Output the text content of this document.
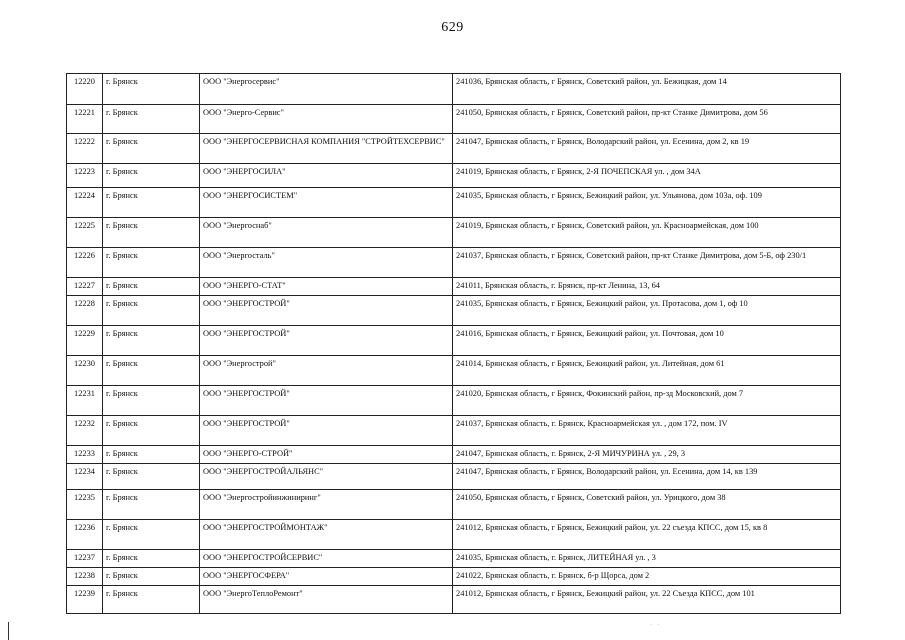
629
12220	г. Брянск	ООО "Энергосервис"	241036, Брянская область, г Брянск, Советский район, ул. Бежицкая, дом 14
12221	г. Брянск	ООО "Энерго-Сервис"	241050, Брянская область, г Брянск, Советский район, пр-кт Станке Димитрова, дом 56
12222	г. Брянск	ООО "ЭНЕРГОСЕРВИСНАЯ КОМПАНИЯ "СТРОЙТЕХСЕРВИС"	241047, Брянская область, г Брянск, Володарский район, ул. Есенина, дом 2, кв 19
12223	г. Брянск	ООО "ЭНЕРГОСИЛА"	241019, Брянская область, г Брянск, 2-Я ПОЧЕПСКАЯ ул. , дом 34А
12224	г. Брянск	ООО "ЭНЕРГОСИСТЕМ"	241035, Брянская область, г Брянск, Бежицкий район, ул. Ульянова, дом 103а, оф. 109
12225	г. Брянск	ООО "Энергоснаб"	241019, Брянская область, г Брянск, Советский район, ул. Красноармейская, дом 100
12226	г. Брянск	ООО "Энергосталь"	241037, Брянская область, г Брянск, Советский район, пр-кт Станке Димитрова, дом 5-Б, оф 230/1
12227	г. Брянск	ООО "ЭНЕРГО-СТАТ"	241011, Брянская область, г. Брянск, пр-кт Ленина, 13, 64
12228	г. Брянск	ООО "ЭНЕРГОСТРОЙ"	241035, Брянская область, г Брянск, Бежицкий район, ул. Протасова, дом 1, оф 10
12229	г. Брянск	ООО "ЭНЕРГОСТРОЙ"	241016, Брянская область, г Брянск, Бежицкий район, ул. Почтовая, дом 10
12230	г. Брянск	ООО "Энергострой"	241014, Брянская область, г Брянск, Бежицкий район, ул. Литейная, дом 61
12231	г. Брянск	ООО "ЭНЕРГОСТРОЙ"	241020, Брянская область, г Брянск, Фокинский район, пр-зд Московский, дом 7
12232	г. Брянск	ООО "ЭНЕРГОСТРОЙ"	241037, Брянская область, г. Брянск, Красноармейская ул. , дом 172, пом. IV
12233	г. Брянск	ООО "ЭНЕРГО-СТРОЙ"	241047, Брянская область, г. Брянск, 2-Я МИЧУРИНА ул. , 29, 3
12234	г. Брянск	ООО "ЭНЕРГОСТРОЙАЛЬЯНС"	241047, Брянская область, г Брянск, Володарский район, ул. Есенина, дом 14, кв 139
12235	г. Брянск	ООО "Энергостройинжиниринг"	241050, Брянская область, г Брянск, Советский район, ул. Урицкого, дом 38
12236	г. Брянск	ООО "ЭНЕРГОСТРОЙМОНТАЖ"	241012, Брянская область, г Брянск, Бежицкий район, ул. 22 съезда КПСС, дом 15, кв 8
12237	г. Брянск	ООО "ЭНЕРГОСТРОЙСЕРВИС"	241035, Брянская область, г. Брянск, ЛИТЕЙНАЯ ул. , 3
12238	г. Брянск	ООО "ЭНЕРГОСФЕРА"	241022, Брянская область, г. Брянск, б-р Щорса, дом 2
12239	г. Брянск	ООО "ЭнергоТеплоРемонт"	241012, Брянская область, г Брянск, Бежицкий район, ул. 22 Съезда КПСС, дом 101
· ·
